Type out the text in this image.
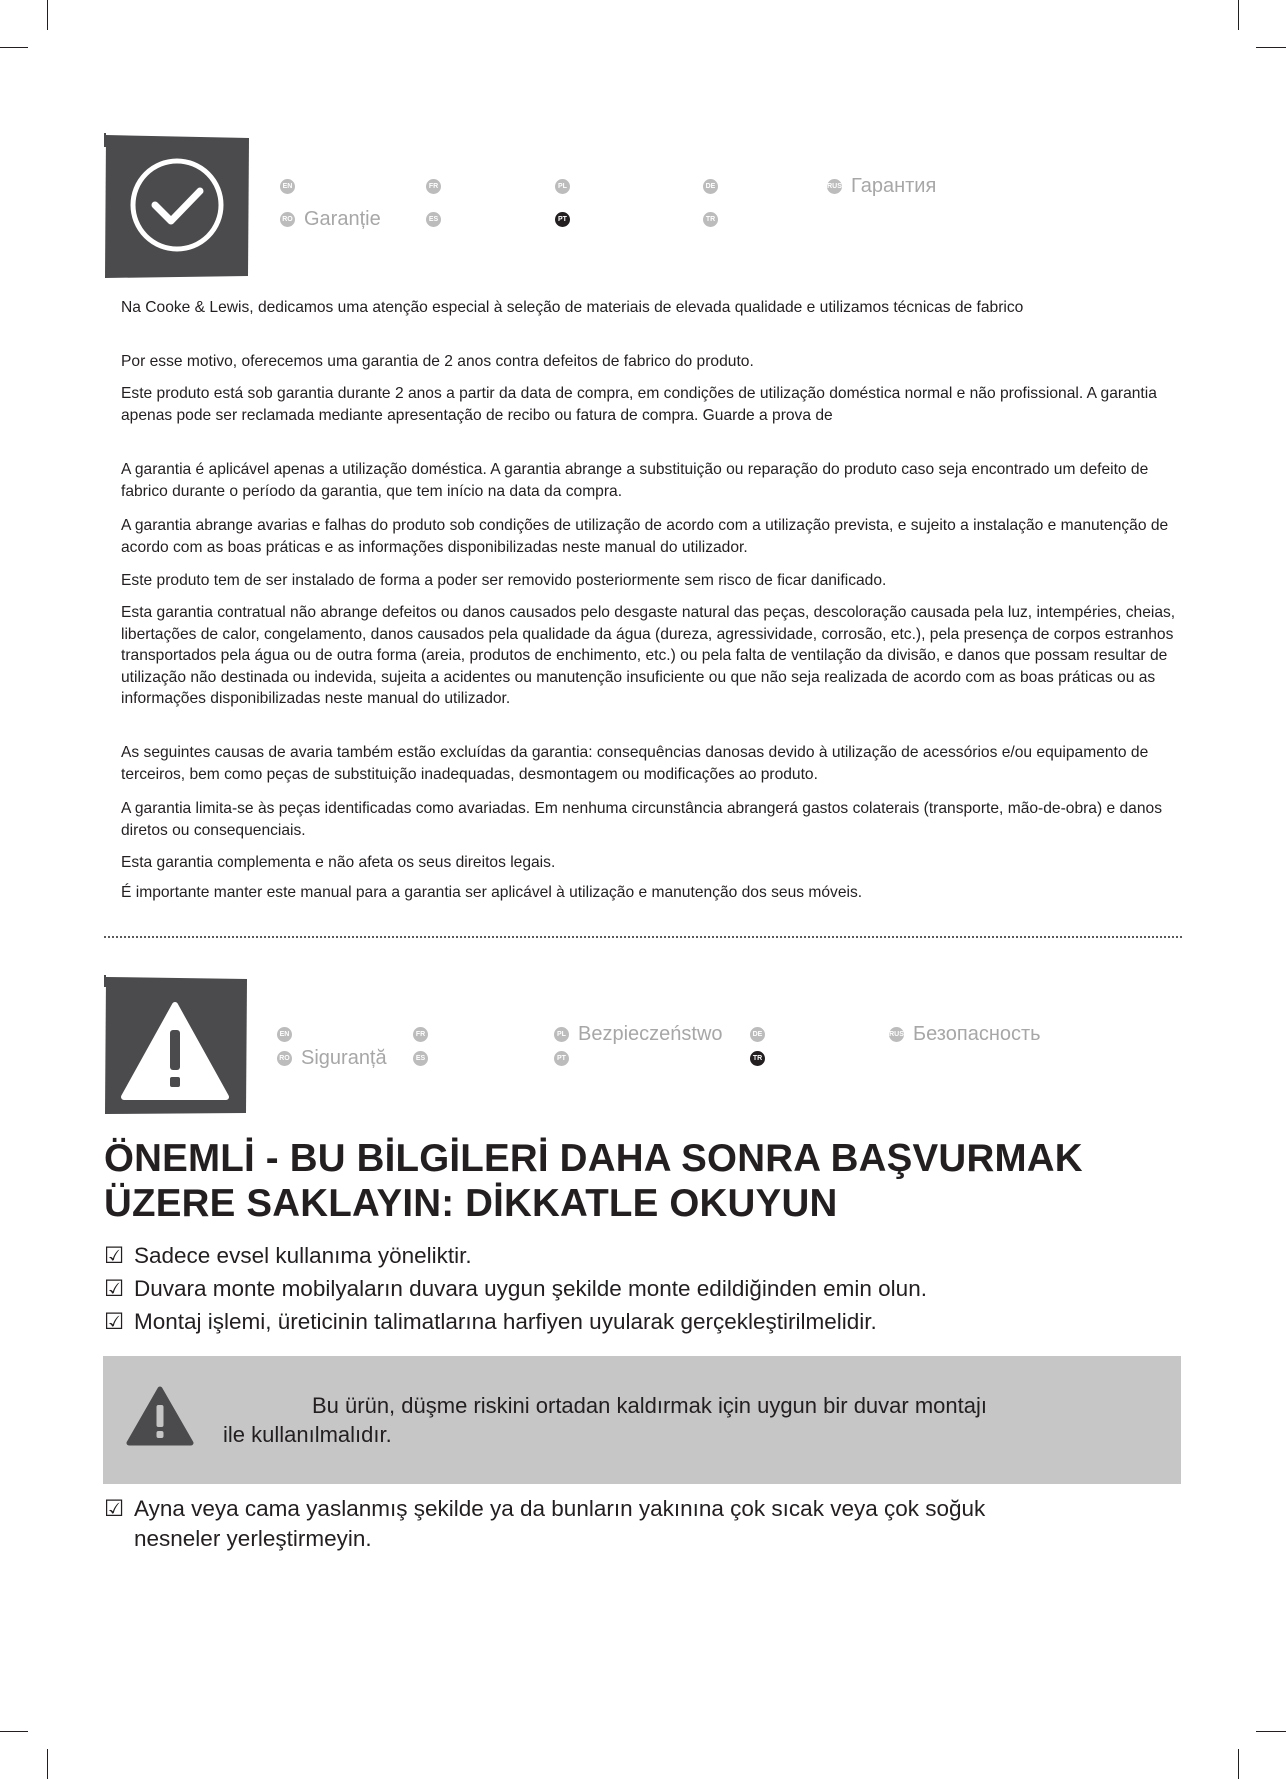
EN	FR	PL	DE	RUS Гарантия
RO Garanție	ES	PT	TR

Na Cooke & Lewis, dedicamos uma atenção especial à seleção de materiais de elevada qualidade e utilizamos técnicas de fabrico

Por esse motivo, oferecemos uma garantia de 2 anos contra defeitos de fabrico do produto.

Este produto está sob garantia durante 2 anos a partir da data de compra, em condições de utilização doméstica normal e não profissional. A garantia apenas pode ser reclamada mediante apresentação de recibo ou fatura de compra. Guarde a prova de

A garantia é aplicável apenas a utilização doméstica. A garantia abrange a substituição ou reparação do produto caso seja encontrado um defeito de fabrico durante o período da garantia, que tem início na data da compra.

A garantia abrange avarias e falhas do produto sob condições de utilização de acordo com a utilização prevista, e sujeito a instalação e manutenção de acordo com as boas práticas e as informações disponibilizadas neste manual do utilizador.

Este produto tem de ser instalado de forma a poder ser removido posteriormente sem risco de ficar danificado.

Esta garantia contratual não abrange defeitos ou danos causados pelo desgaste natural das peças, descoloração causada pela luz, intempéries, cheias, libertações de calor, congelamento, danos causados pela qualidade da água (dureza, agressividade, corrosão, etc.), pela presença de corpos estranhos transportados pela água ou de outra forma (areia, produtos de enchimento, etc.) ou pela falta de ventilação da divisão, e danos que possam resultar de utilização não destinada ou indevida, sujeita a acidentes ou manutenção insuficiente ou que não seja realizada de acordo com as boas práticas ou as informações disponibilizadas neste manual do utilizador.

As seguintes causas de avaria também estão excluídas da garantia: consequências danosas devido à utilização de acessórios e/ou equipamento de terceiros, bem como peças de substituição inadequadas, desmontagem ou modificações ao produto.

A garantia limita-se às peças identificadas como avariadas. Em nenhuma circunstância abrangerá gastos colaterais (transporte, mão-de-obra) e danos diretos ou consequenciais.

Esta garantia complementa e não afeta os seus direitos legais.

É importante manter este manual para a garantia ser aplicável à utilização e manutenção dos seus móveis.

EN	FR	PL Bezpieczeństwo	DE	RUS Безопасность
RO Siguranță	ES	PT	TR
ÖNEMLİ - BU BİLGİLERİ DAHA SONRA BAŞVURMAK
ÜZERE SAKLAYIN: DİKKATLE OKUYUN
☑ Sadece evsel kullanıma yöneliktir.
☑ Duvara monte mobilyaların duvara uygun şekilde monte edildiğinden emin olun.
☑ Montaj işlemi, üreticinin talimatlarına harfiyen uyularak gerçekleştirilmelidir.
Bu ürün, düşme riskini ortadan kaldırmak için uygun bir duvar montajı
ile kullanılmalıdır.
☑ Ayna veya cama yaslanmış şekilde ya da bunların yakınına çok sıcak veya çok soğuk
nesneler yerleştirmeyin.
